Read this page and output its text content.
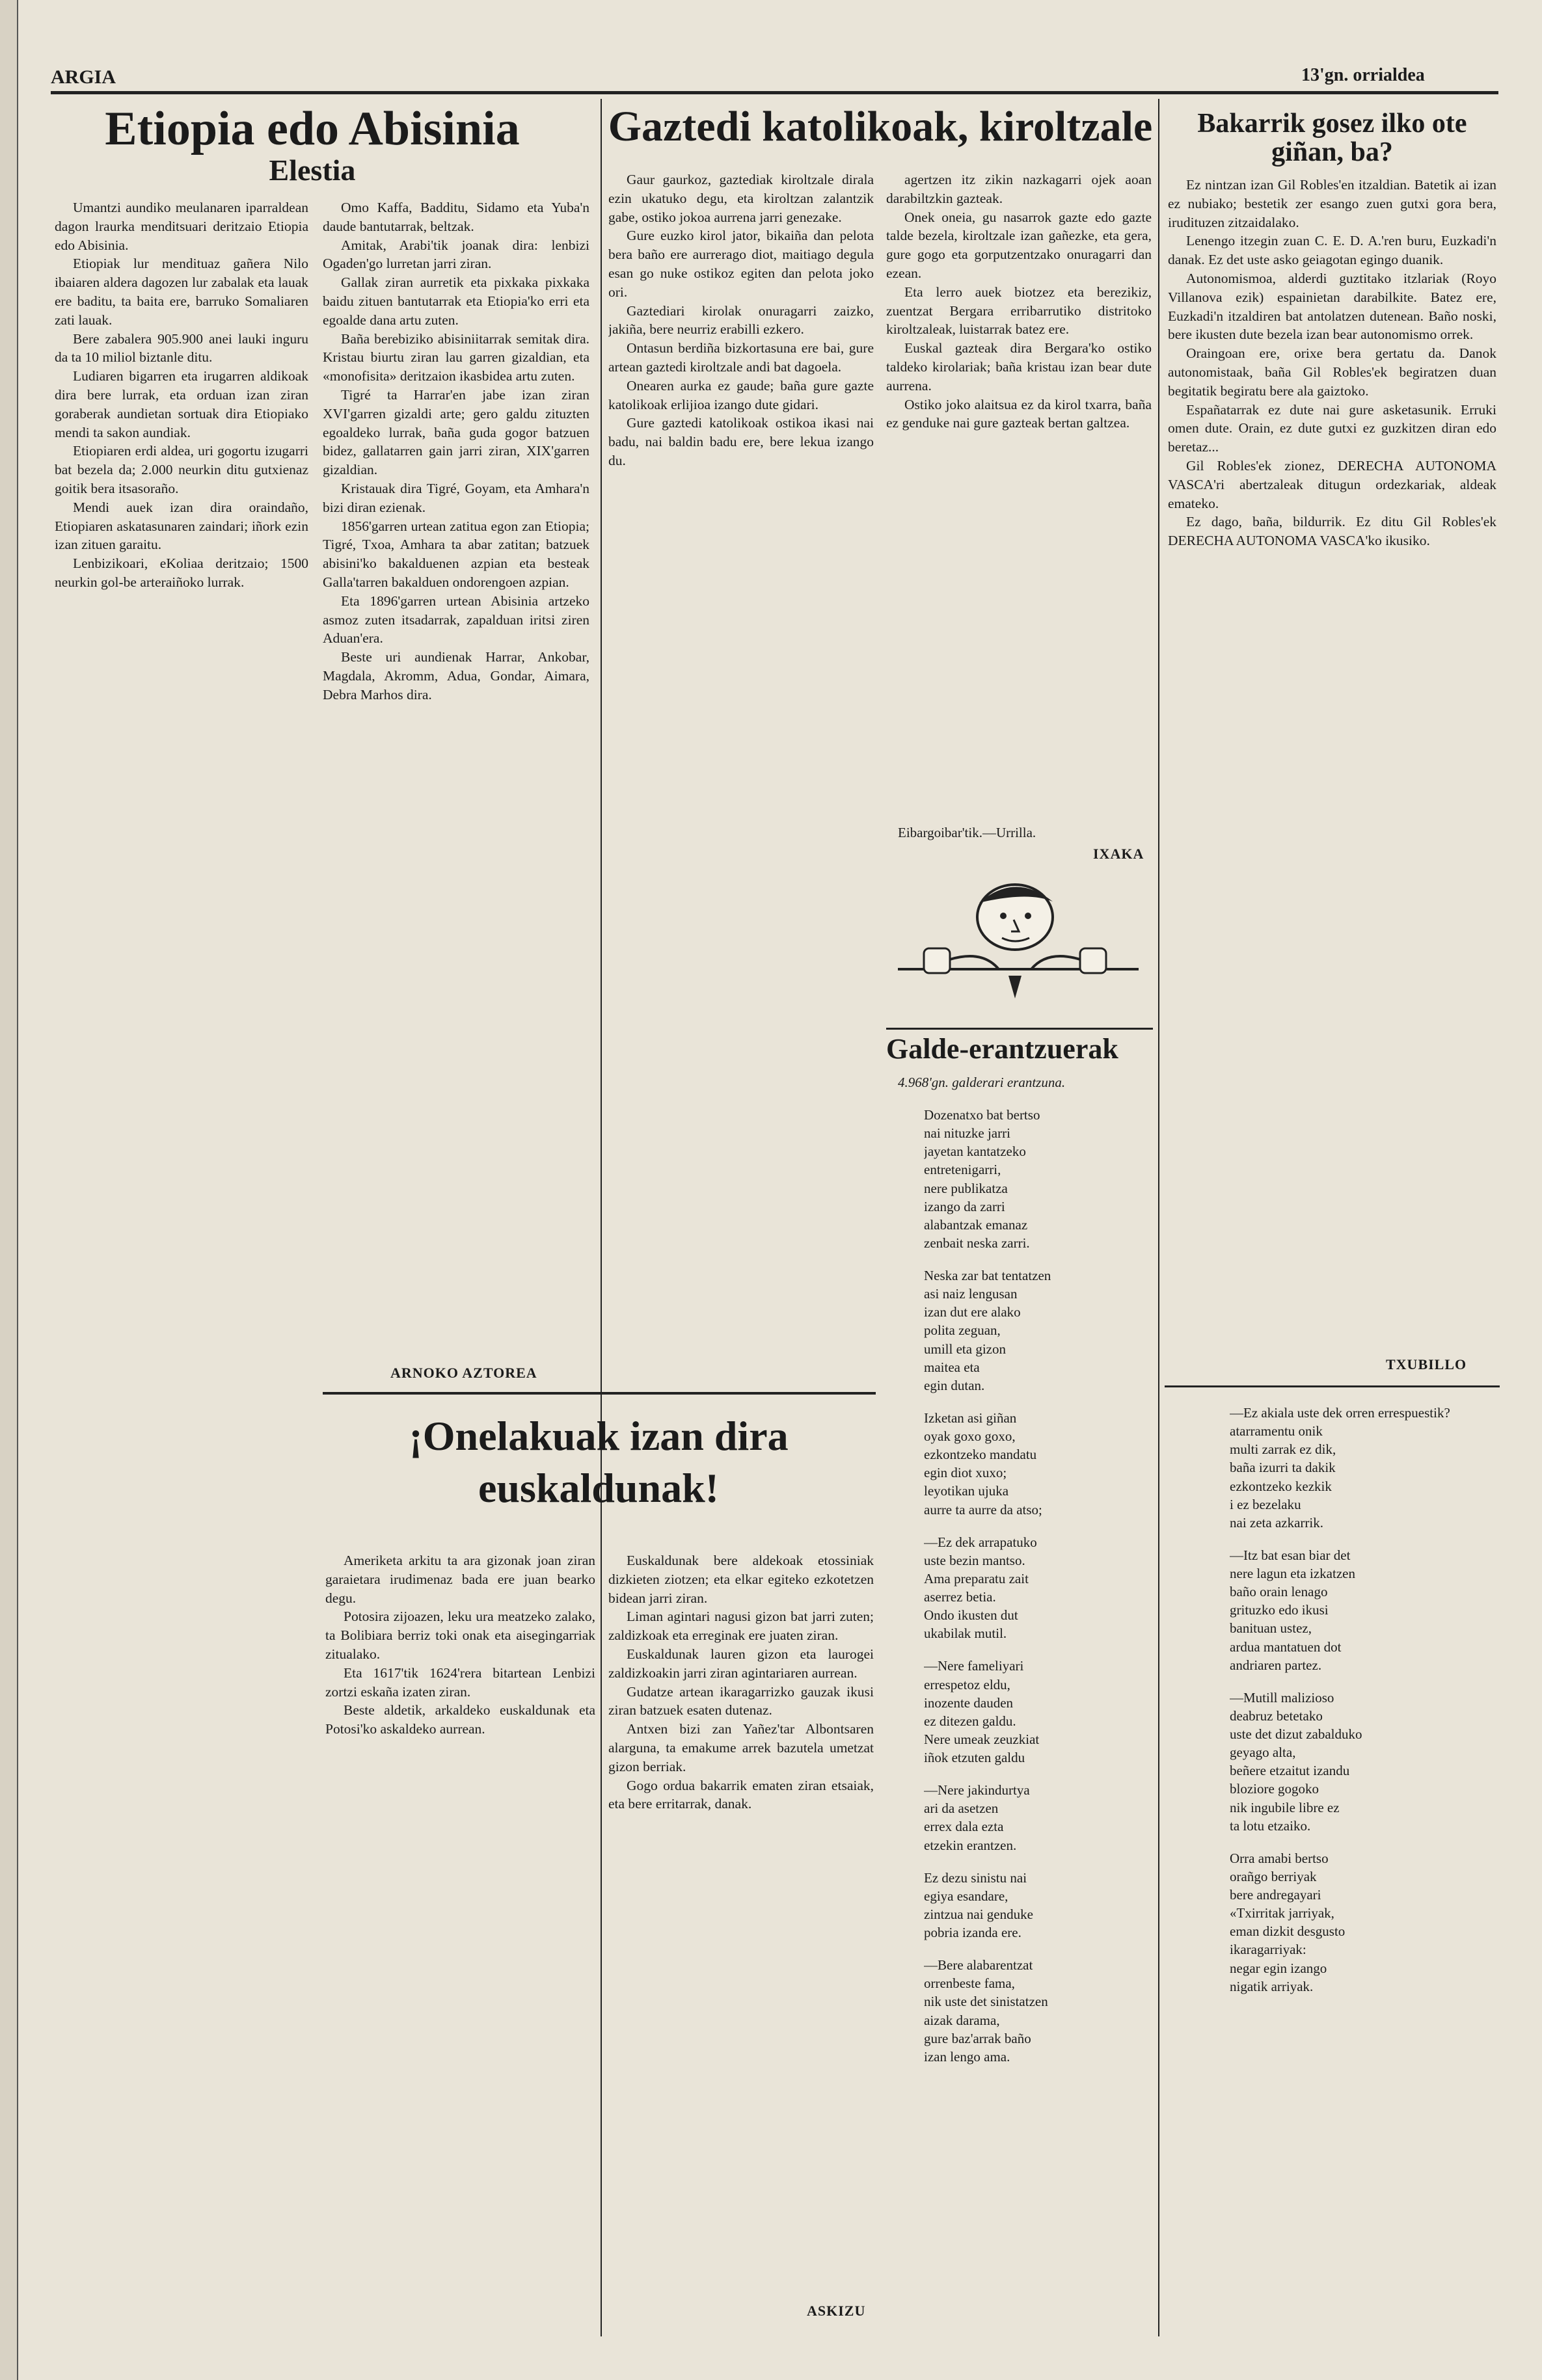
ARGIA	13'gn. orrialdea
Etiopia edo Abisinia
Elestia

Umantzi aundiko meulanaren iparraldean dagon lraurka menditsuari deritzaio Etiopia edo Abisinia.

Etiopiak lur mendituaz gañera Nilo ibaiaren aldera dagozen lur zabalak eta lauak ere baditu, ta baita ere, barruko Somaliaren zati lauak.

Bere zabalera 905.900 anei lauki inguru da ta 10 miliol biztanle ditu.

Ludiaren bigarren eta irugarren aldikoak dira bere lurrak, eta orduan izan ziran goraberak aundietan sortuak dira Etiopiako mendi ta sakon aundiak.

Etiopiaren erdi aldea, uri gogortu izugarri bat bezela da; 2.000 neurkin ditu gutxienaz goitik bera itsasoraño.

Mendi auek izan dira oraindaño, Etiopiaren askatasunaren zaindari; iñork ezin izan zituen garaitu.

Lenbizikoari, eKoliaa deritzaio; 1500 neurkin gol-be arteraiñoko lurrak.

Omo Kaffa, Badditu, Sidamo eta Yuba'n daude bantutarrak, beltzak.

Amitak, Arabi'tik joanak dira: lenbizi Ogaden'go lurretan jarri ziran.

Gallak ziran aurretik eta pixkaka pixkaka baidu zituen bantutarrak eta Etiopia'ko erri eta egoalde dana artu zuten.

Baña berebiziko abisiniitarrak semitak dira. Kristau biurtu ziran lau garren gizaldian, eta «monofisita» deritzaion ikasbidea artu zuten.

Tigré ta Harrar'en jabe izan ziran XVI'garren gizaldi arte; gero galdu zituzten egoaldeko lurrak, baña guda gogor batzuen bidez, gallatarren gain jarri ziran, XIX'garren gizaldian.

Kristauak dira Tigré, Goyam, eta Amhara'n bizi diran ezienak.

1856'garren urtean zatitua egon zan Etiopia; Tigré, Txoa, Amhara ta abar zatitan; batzuek abisini'ko bakalduenen azpian eta besteak Galla'tarren bakalduen ondorengoen azpian.

Eta 1896'garren urtean Abisinia artzeko asmoz zuten itsadarrak, zapalduan iritsi ziren Aduan'era.

Beste uri aundienak Harrar, Ankobar, Magdala, Akromm, Adua, Gondar, Aimara, Debra Marhos dira.

ARNOKO AZTOREA
Gaztedi katolikoak, kiroltzale

Gaur gaurkoz, gaztediak kiroltzale dirala ezin ukatuko degu, eta kiroltzan zalantzik gabe, ostiko jokoa aurrena jarri genezake.

Gure euzko kirol jator, bikaiña dan pelota bera baño ere aurrerago diot, maitiago degula esan go nuke ostikoz egiten dan pelota joko ori.

Gaztediari kirolak onuragarri zaizko, jakiña, bere neurriz erabilli ezkero.

Ontasun berdiña bizkortasuna ere bai, gure artean gaztedi kiroltzale andi bat dagoela.

Onearen aurka ez gaude; baña gure gazte katolikoak erlijioa izango dute gidari.

Gure gaztedi katolikoak ostikoa ikasi nai badu, nai baldin badu ere, bere lekua izango du.

agertzen itz zikin nazkagarri ojek aoan darabiltzkin gazteak.

Onek oneia, gu nasarrok gazte edo gazte talde bezela, kiroltzale izan gañezke, eta gera, gure gogo eta gorputzentzako onuragarri dan ezean.

Eta lerro auek biotzez eta berezikiz, zuentzat Bergara erribarrutiko distritoko kiroltzaleak, luistarrak batez ere.

Euskal gazteak dira Bergara'ko ostiko taldeko kirolariak; baña kristau izan bear dute aurrena.

Ostiko joko alaitsua ez da kirol txarra, baña ez genduke nai gure gazteak bertan galtzea.

Eibargoibar'tik.—Urrilla.
IXAKA
Galde-erantzuerak
4.968'gn. galderari erantzuna.

Dozenatxo bat bertso

nai nituzke jarri

jayetan kantatzeko

entretenigarri,

nere publikatza

izango da zarri

alabantzak emanaz

zenbait neska zarri.

Neska zar bat tentatzen

asi naiz lengusan

izan dut ere alako

polita zeguan,

umill eta gizon

maitea eta

egin dutan.

Izketan asi giñan

oyak goxo goxo,

ezkontzeko mandatu

egin diot xuxo;

leyotikan ujuka

aurre ta aurre da atso;

—Ez dek arrapatuko

uste bezin mantso.

Ama preparatu zait

aserrez betia.

Ondo ikusten dut

ukabilak mutil.

—Nere fameliyari

errespetoz eldu,

inozente dauden

ez ditezen galdu.

Nere umeak zeuzkiat

iñok etzuten galdu

—Nere jakindurtya

ari da asetzen

errex dala ezta

etzekin erantzen.

Ez dezu sinistu nai

egiya esandare,

zintzua nai genduke

pobria izanda ere.

—Bere alabarentzat

orrenbeste fama,

nik uste det sinistatzen

aizak darama,

gure baz'arrak baño

izan lengo ama.

¡Onelakuak izan dira euskaldunak!

Ameriketa arkitu ta ara gizonak joan ziran garaietara irudimenaz bada ere juan bearko degu.

Potosira zijoazen, leku ura meatzeko zalako, ta Bolibiara berriz toki onak eta aisegingarriak zitualako.

Eta 1617'tik 1624'rera bitartean Lenbizi zortzi eskaña izaten ziran.

Beste aldetik, arkaldeko euskaldunak eta Potosi'ko askaldeko aurrean.

Euskaldunak bere aldekoak etossiniak dizkieten ziotzen; eta elkar egiteko ezkotetzen bidean jarri ziran.

Liman agintari nagusi gizon bat jarri zuten; zaldizkoak eta erreginak ere juaten ziran.

Euskaldunak lauren gizon eta laurogei zaldizkoakin jarri ziran agintariaren aurrean.

Gudatze artean ikaragarrizko gauzak ikusi ziran batzuek esaten dutenaz.

Antxen bizi zan Yañez'tar Albontsaren alarguna, ta emakume arrek bazutela umetzat gizon berriak.

Gogo ordua bakarrik ematen ziran etsaiak, eta bere erritarrak, danak.

ASKIZU
Bakarrik gosez ilko ote giñan, ba?

Ez nintzan izan Gil Robles'en itzaldian. Batetik ai izan ez nubiako; bestetik zer esango zuen gutxi gora bera, irudituzen zitzaidalako.

Lenengo itzegin zuan C. E. D. A.'ren buru, Euzkadi'n danak. Ez det uste asko geiagotan egingo duanik.

Autonomismoa, alderdi guztitako itzlariak (Royo Villanova ezik) espainietan darabilkite. Batez ere, Euzkadi'n itzaldiren bat antolatzen dutenean. Baño noski, bere ikusten dute bezela izan bear autonomismo orrek.

Oraingoan ere, orixe bera gertatu da. Danok autonomistaak, baña Gil Robles'ek begiratzen duan begitatik begiratu bere ala gaiztoko.

Españatarrak ez dute nai gure asketasunik. Erruki omen dute. Orain, ez dute gutxi ez guzkitzen diran edo beretaz...

Gil Robles'ek zionez, DERECHA AUTONOMA VASCA'ri abertzaleak ditugun ordezkariak, aldeak emateko.

Ez dago, baña, bildurrik. Ez ditu Gil Robles'ek DERECHA AUTONOMA VASCA'ko ikusiko.

TXUBILLO

—Ez akiala uste dek orren errespuestik?

atarramentu onik

multi zarrak ez dik,

baña izurri ta dakik

ezkontzeko kezkik

i ez bezelaku

nai zeta azkarrik.

—Itz bat esan biar det

nere lagun eta izkatzen

baño orain lenago

grituzko edo ikusi

banituan ustez,

ardua mantatuen dot

andriaren partez.

—Mutill malizioso

deabruz betetako

uste det dizut zabalduko

geyago alta,

beñere etzaitut izandu

bloziore gogoko

nik ingubile libre ez

ta lotu etzaiko.

Orra amabi bertso

orañgo berriyak

bere andregayari

«Txirritak jarriyak,

eman dizkit desgusto

ikaragarriyak:

negar egin izango

nigatik arriyak.
